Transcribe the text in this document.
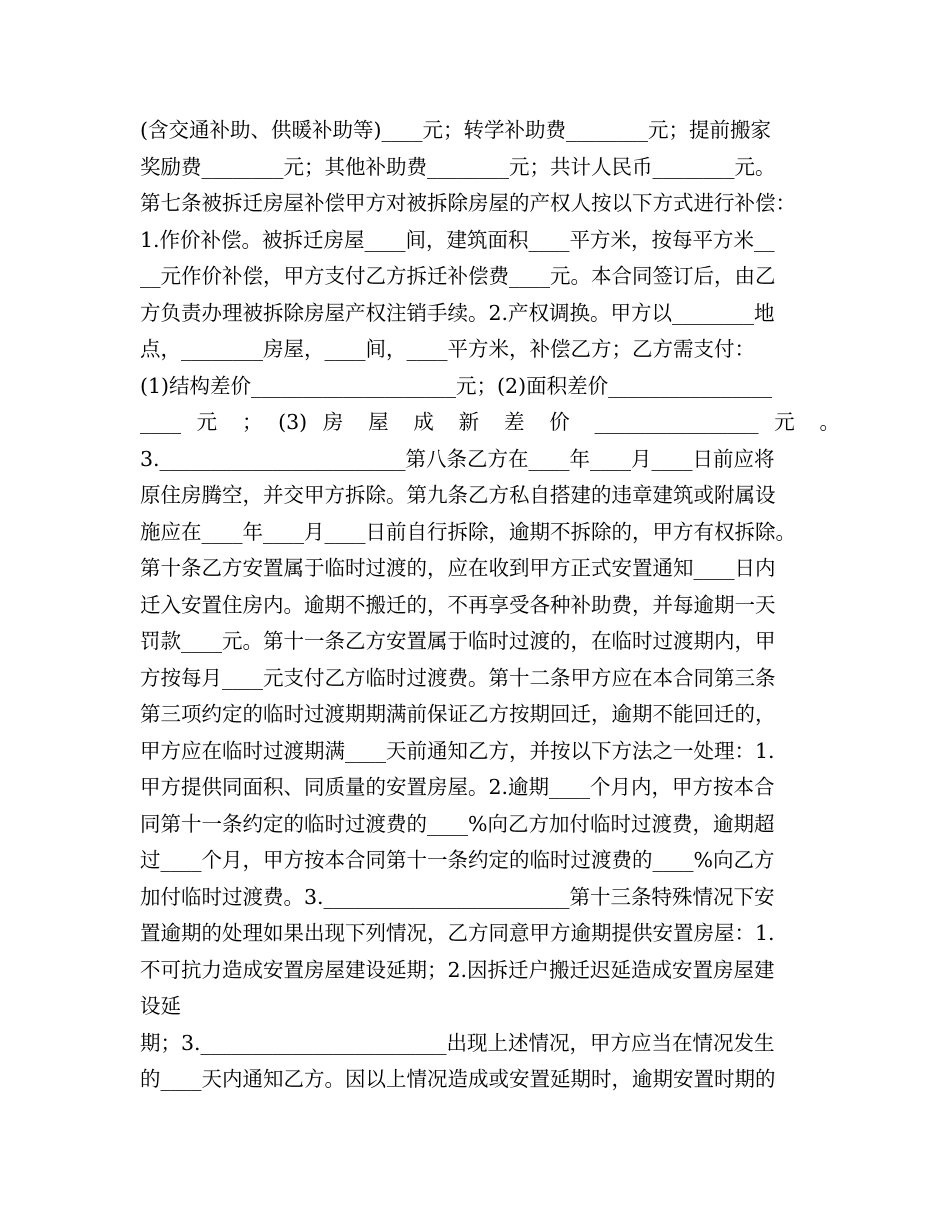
(含交通补助、供暖补助等)____元；转学补助费________元；提前搬家
奖励费________元；其他补助费________元；共计人民币________元。
第七条被拆迁房屋补偿甲方对被拆除房屋的产权人按以下方式进行补偿：
1.作价补偿。被拆迁房屋____间，建筑面积____平方米，按每平方米__
__元作价补偿，甲方支付乙方拆迁补偿费____元。本合同签订后，由乙
方负责办理被拆除房屋产权注销手续。2.产权调换。甲方以________地
点，________房屋，____间，____平方米，补偿乙方；乙方需支付：
(1)结构差价____________________元；(2)面积差价________________
____ 元 ； (3) 房 屋 成 新 差 价 ________________ 元 。
3.________________________第八条乙方在____年____月____日前应将
原住房腾空，并交甲方拆除。第九条乙方私自搭建的违章建筑或附属设
施应在____年____月____日前自行拆除，逾期不拆除的，甲方有权拆除。
第十条乙方安置属于临时过渡的，应在收到甲方正式安置通知____日内
迁入安置住房内。逾期不搬迁的，不再享受各种补助费，并每逾期一天
罚款____元。第十一条乙方安置属于临时过渡的，在临时过渡期内，甲
方按每月____元支付乙方临时过渡费。第十二条甲方应在本合同第三条
第三项约定的临时过渡期期满前保证乙方按期回迁，逾期不能回迁的，
甲方应在临时过渡期满____天前通知乙方，并按以下方法之一处理：1.
甲方提供同面积、同质量的安置房屋。2.逾期____个月内，甲方按本合
同第十一条约定的临时过渡费的____%向乙方加付临时过渡费，逾期超
过____个月，甲方按本合同第十一条约定的临时过渡费的____%向乙方
加付临时过渡费。3.________________________第十三条特殊情况下安
置逾期的处理如果出现下列情况，乙方同意甲方逾期提供安置房屋：1.
不可抗力造成安置房屋建设延期；2.因拆迁户搬迁迟延造成安置房屋建
设延
期；3.________________________出现上述情况，甲方应当在情况发生
的____天内通知乙方。因以上情况造成或安置延期时，逾期安置时期的
